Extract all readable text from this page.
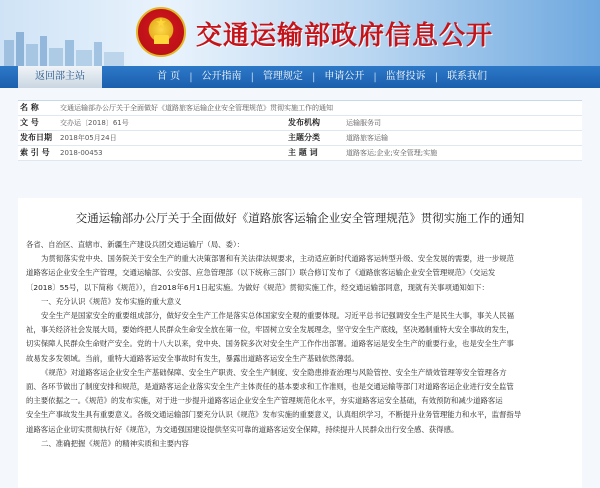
★	交通运输部政府信息公开
返回部主站	首 页 | 公开指南 | 管理规定 | 申请公开 | 监督投诉 | 联系我们
名 称	交通运输部办公厅关于全面做好《道路旅客运输企业安全管理规范》贯彻实施工作的通知
文 号	交办运〔2018〕61号	发布机构	运输服务司
发布日期	2018年05月24日	主题分类	道路旅客运输
索 引 号	2018-00453	主 题 词	道路客运;企业;安全管理;实施
交通运输部办公厅关于全面做好《道路旅客运输企业安全管理规范》贯彻实施工作的通知

各省、自治区、直辖市、新疆生产建设兵团交通运输厅（局、委）：

为贯彻落实党中央、国务院关于安全生产的重大决策部署和有关法律法规要求，主动适应新时代道路客运转型升级、安全发展的需要，进一步规范

道路客运企业安全生产管理，交通运输部、公安部、应急管理部（以下统称三部门）联合修订发布了《道路旅客运输企业安全管理规范》（交运发

〔2018〕55号，以下简称《规范》），自2018年6月1日起实施。为做好《规范》贯彻实施工作，经交通运输部同意，现就有关事项通知如下：

一、充分认识《规范》发布实施的重大意义

安全生产是国家安全的重要组成部分，做好安全生产工作是落实总体国家安全观的重要体现。习近平总书记强调安全生产是民生大事，事关人民福

祉，事关经济社会发展大局，要始终把人民群众生命安全放在第一位，牢固树立安全发展理念，坚守安全生产底线，坚决遏制重特大安全事故的发生，

切实保障人民群众生命财产安全。党的十八大以来，党中央、国务院多次对安全生产工作作出部署。道路客运是安全生产的重要行业，也是安全生产事

故易发多发领域。当前，重特大道路客运安全事故时有发生，暴露出道路客运安全生产基础依然薄弱。

《规范》对道路客运企业安全生产基础保障、安全生产职责、安全生产制度、安全隐患排查治理与风险管控、安全生产绩效管理等安全管理各方

面、各环节做出了制度安排和规范，是道路客运企业落实安全生产主体责任的基本要求和工作准则，也是交通运输等部门对道路客运企业进行安全监管

的主要依据之一。《规范》的发布实施，对于进一步提升道路客运企业安全生产管理规范化水平，夯实道路客运安全基础，有效预防和减少道路客运

安全生产事故发生具有重要意义。各级交通运输部门要充分认识《规范》发布实施的重要意义，认真组织学习，不断提升业务管理能力和水平，监督指导

道路客运企业切实贯彻执行好《规范》，为交通强国建设提供坚实可靠的道路客运安全保障，持续提升人民群众出行安全感、获得感。

二、准确把握《规范》的精神实质和主要内容
